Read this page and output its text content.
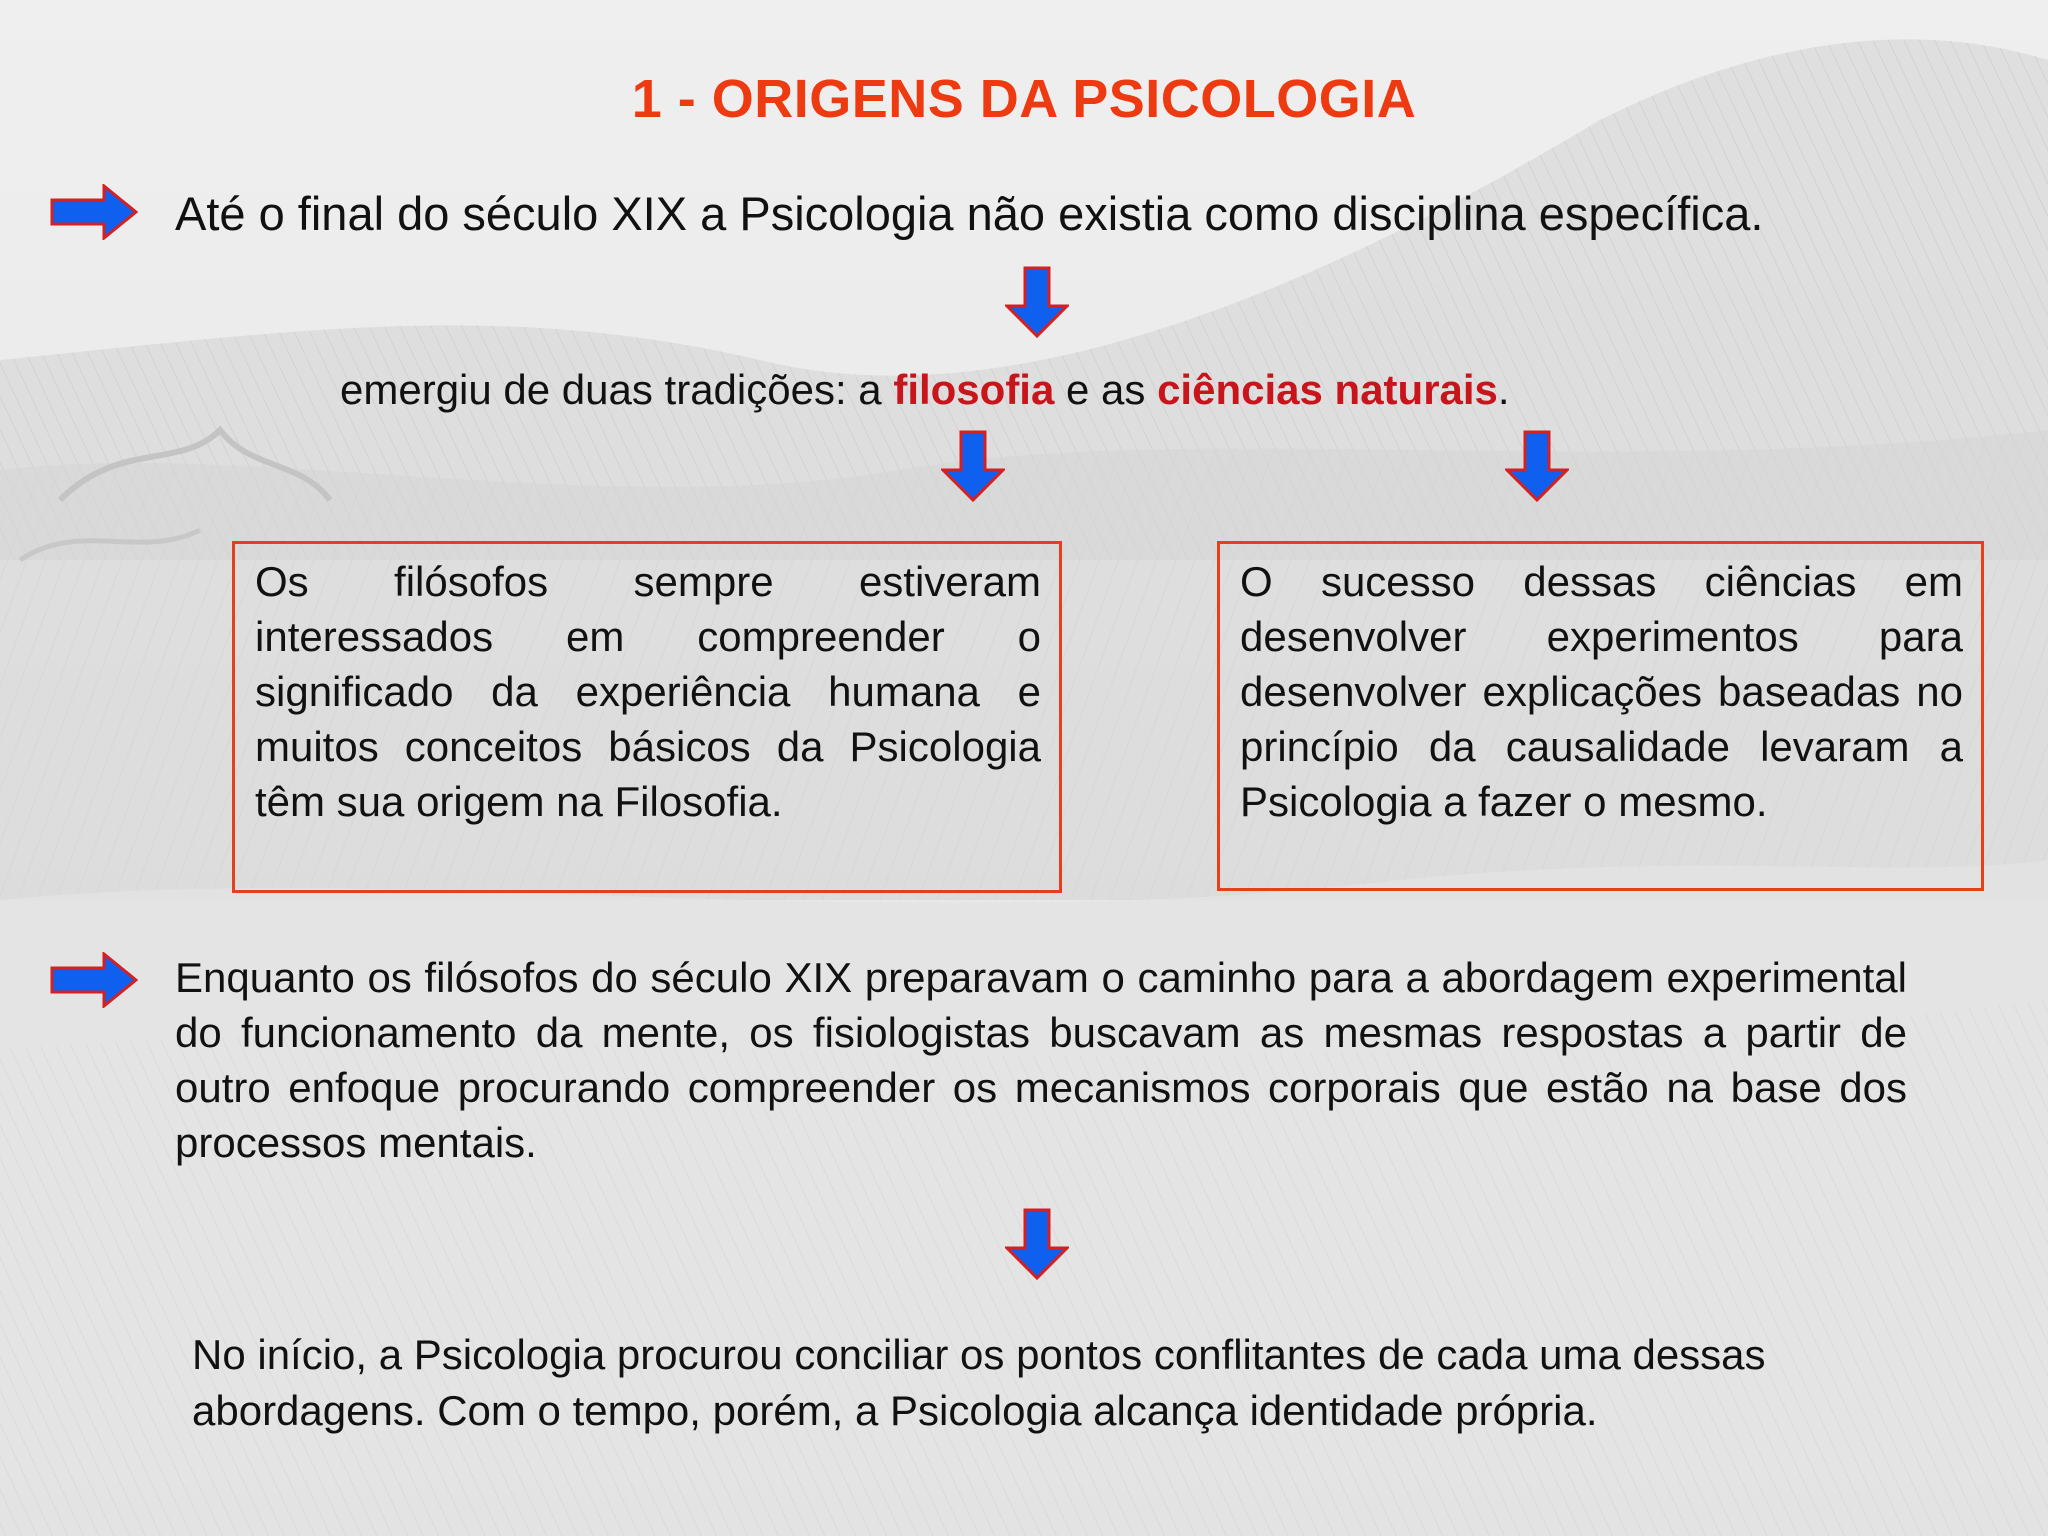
1 - ORIGENS DA PSICOLOGIA
Até o final do século XIX a Psicologia não existia como disciplina específica.
emergiu de duas tradições: a filosofia e as ciências naturais.
Os filósofos sempre estiveram interessados em compreender o significado da experiência humana e muitos conceitos básicos da Psicologia têm sua origem na Filosofia.
O sucesso dessas ciências em desenvolver experimentos para desenvolver explicações baseadas no princípio da causalidade levaram a Psicologia a fazer o mesmo.
Enquanto os filósofos do século XIX preparavam o caminho para a abordagem experimental do funcionamento da mente, os fisiologistas buscavam as mesmas respostas a partir de outro enfoque procurando compreender os mecanismos corporais que estão na base dos processos mentais.
No início, a Psicologia procurou conciliar os pontos conflitantes de cada uma dessas abordagens. Com o tempo, porém, a Psicologia alcança identidade própria.
